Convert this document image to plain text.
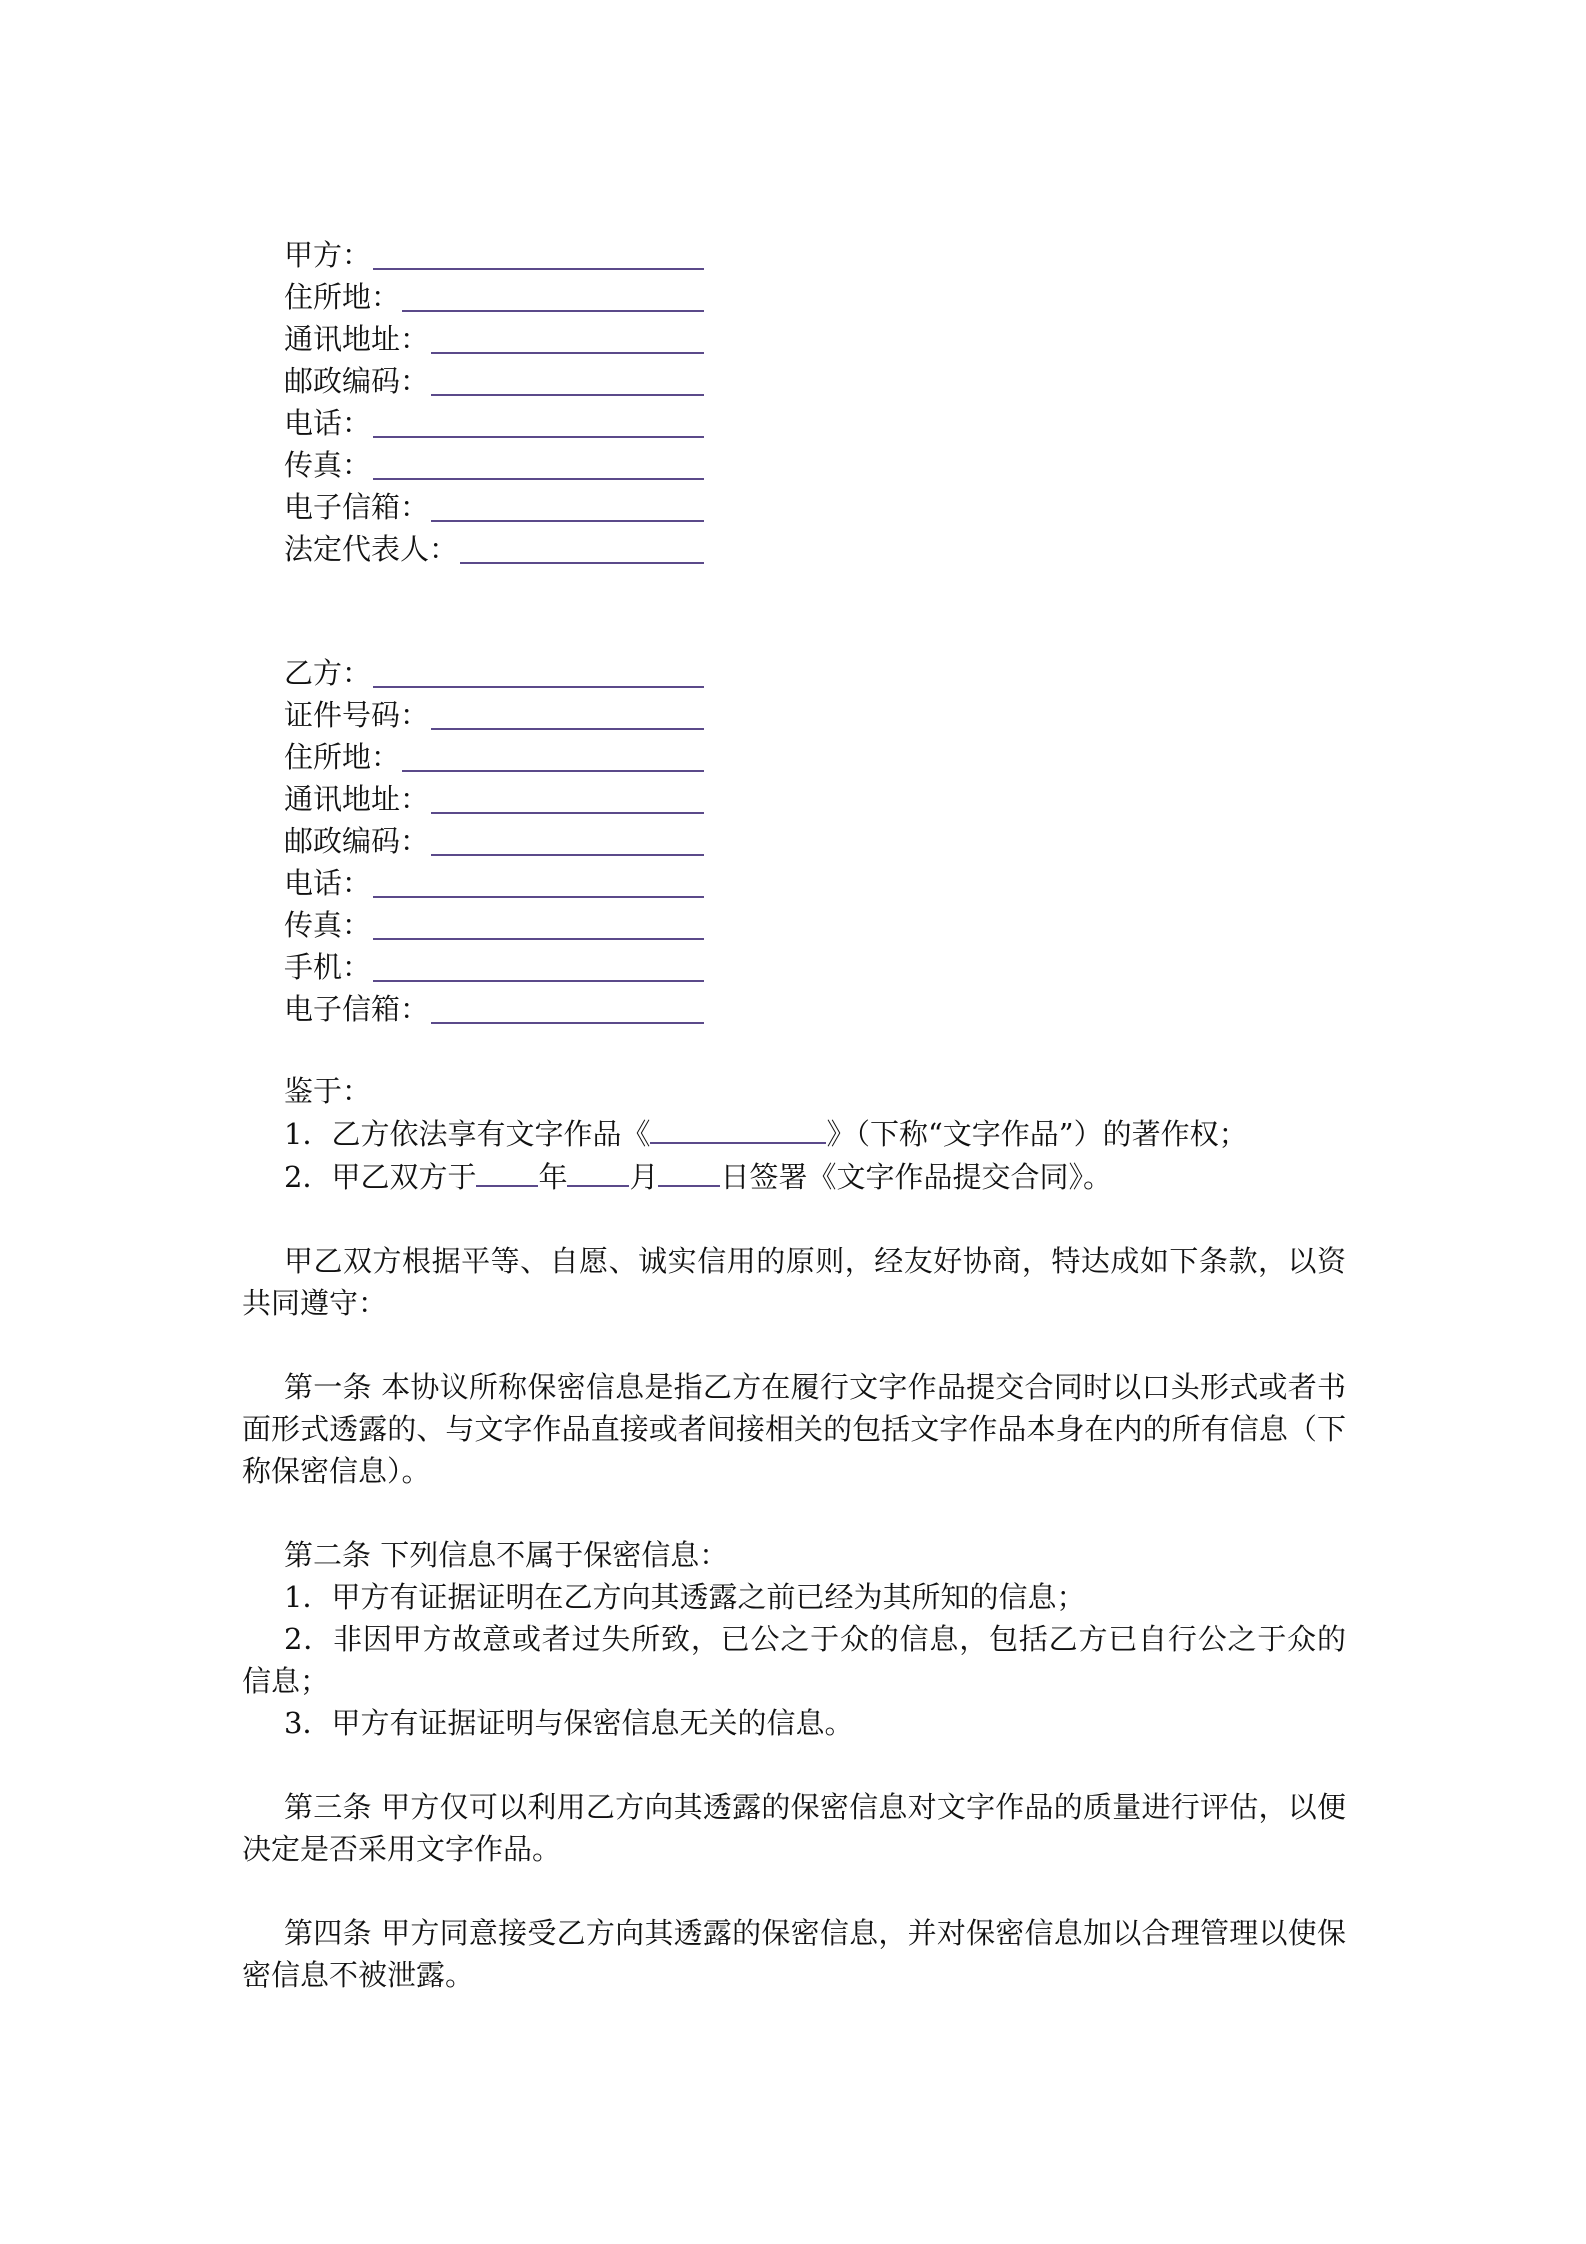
甲方：
住所地：
通讯地址：
邮政编码：
电话：
传真：
电子信箱：
法定代表人：
乙方：
证件号码：
住所地：
通讯地址：
邮政编码：
电话：
传真：
手机：
电子信箱：

鉴于：

1．乙方依法享有文字作品《	》（下称“文字作品”）的著作权；

2．甲乙双方于 年 月 日签署《文字作品提交合同》。

甲乙双方根据平等、自愿、诚实信用的原则，经友好协商，特达成如下条款，以资共同遵守：

第一条 本协议所称保密信息是指乙方在履行文字作品提交合同时以口头形式或者书面形式透露的、与文字作品直接或者间接相关的包括文字作品本身在内的所有信息（下称保密信息）。

第二条 下列信息不属于保密信息：

1．甲方有证据证明在乙方向其透露之前已经为其所知的信息；

2．非因甲方故意或者过失所致，已公之于众的信息，包括乙方已自行公之于众的信息；

3．甲方有证据证明与保密信息无关的信息。

第三条 甲方仅可以利用乙方向其透露的保密信息对文字作品的质量进行评估，以便决定是否采用文字作品。

第四条 甲方同意接受乙方向其透露的保密信息，并对保密信息加以合理管理以使保密信息不被泄露。
